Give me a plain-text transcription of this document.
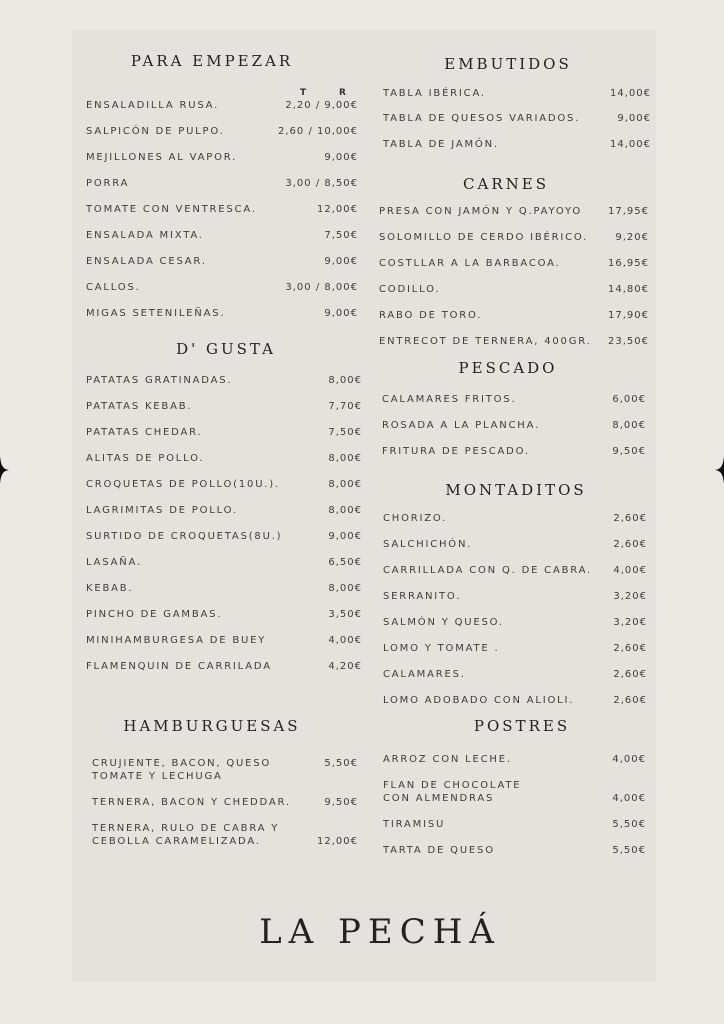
T	R
PARA EMPEZAR
ENSALADILLA RUSA.	2,20 / 9,00€
SALPICÓN DE PULPO.	2,60 / 10,00€
MEJILLONES AL VAPOR.	9,00€
PORRA	3,00 / 8,50€
TOMATE CON VENTRESCA.	12,00€
ENSALADA MIXTA.	7,50€
ENSALADA CESAR.	9,00€
CALLOS.	3,00 / 8,00€
MIGAS SETENILEÑAS.	9,00€
D' GUSTA
PATATAS GRATINADAS.	8,00€
PATATAS KEBAB.	7,70€
PATATAS CHEDAR.	7,50€
ALITAS DE POLLO.	8,00€
CROQUETAS DE POLLO(10U.).	8,00€
LAGRIMITAS DE POLLO.	8,00€
SURTIDO DE CROQUETAS(8U.)	9,00€
LASAÑA.	6,50€
KEBAB.	8,00€
PINCHO DE GAMBAS.	3,50€
MINIHAMBURGESA DE BUEY	4,00€
FLAMENQUIN DE CARRILADA	4,20€
HAMBURGUESAS
CRUJIENTE, BACON, QUESO
TOMATE Y LECHUGA
5,50€
TERNERA, BACON Y CHEDDAR.	9,50€
TERNERA, RULO DE CABRA Y
CEBOLLA CARAMELIZADA.	12,00€
EMBUTIDOS
TABLA IBÉRICA.	14,00€
TABLA DE QUESOS VARIADOS.	9,00€
TABLA DE JAMÓN.	14,00€
CARNES
PRESA CON JAMÓN Y Q.PAYOYO	17,95€
SOLOMILLO DE CERDO IBÉRICO.	9,20€
COSTLLAR A LA BARBACOA.	16,95€
CODILLO.	14,80€
RABO DE TORO.	17,90€
ENTRECOT DE TERNERA, 400GR. 23,50€
PESCADO
CALAMARES FRITOS.	6,00€
ROSADA A LA PLANCHA.	8,00€
FRITURA DE PESCADO.	9,50€
MONTADITOS
CHORIZO.	2,60€
SALCHICHÓN.	2,60€
CARRILLADA CON Q. DE CABRA. 4,00€
SERRANITO.	3,20€
SALMÓN Y QUESO.	3,20€
LOMO Y TOMATE .	2,60€
CALAMARES.	2,60€
LOMO ADOBADO CON ALIOLI.	2,60€
POSTRES
ARROZ CON LECHE.	4,00€
FLAN DE CHOCOLATE
CON ALMENDRAS	4,00€
TIRAMISU	5,50€
TARTA DE QUESO	5,50€
LA PECHÁ
